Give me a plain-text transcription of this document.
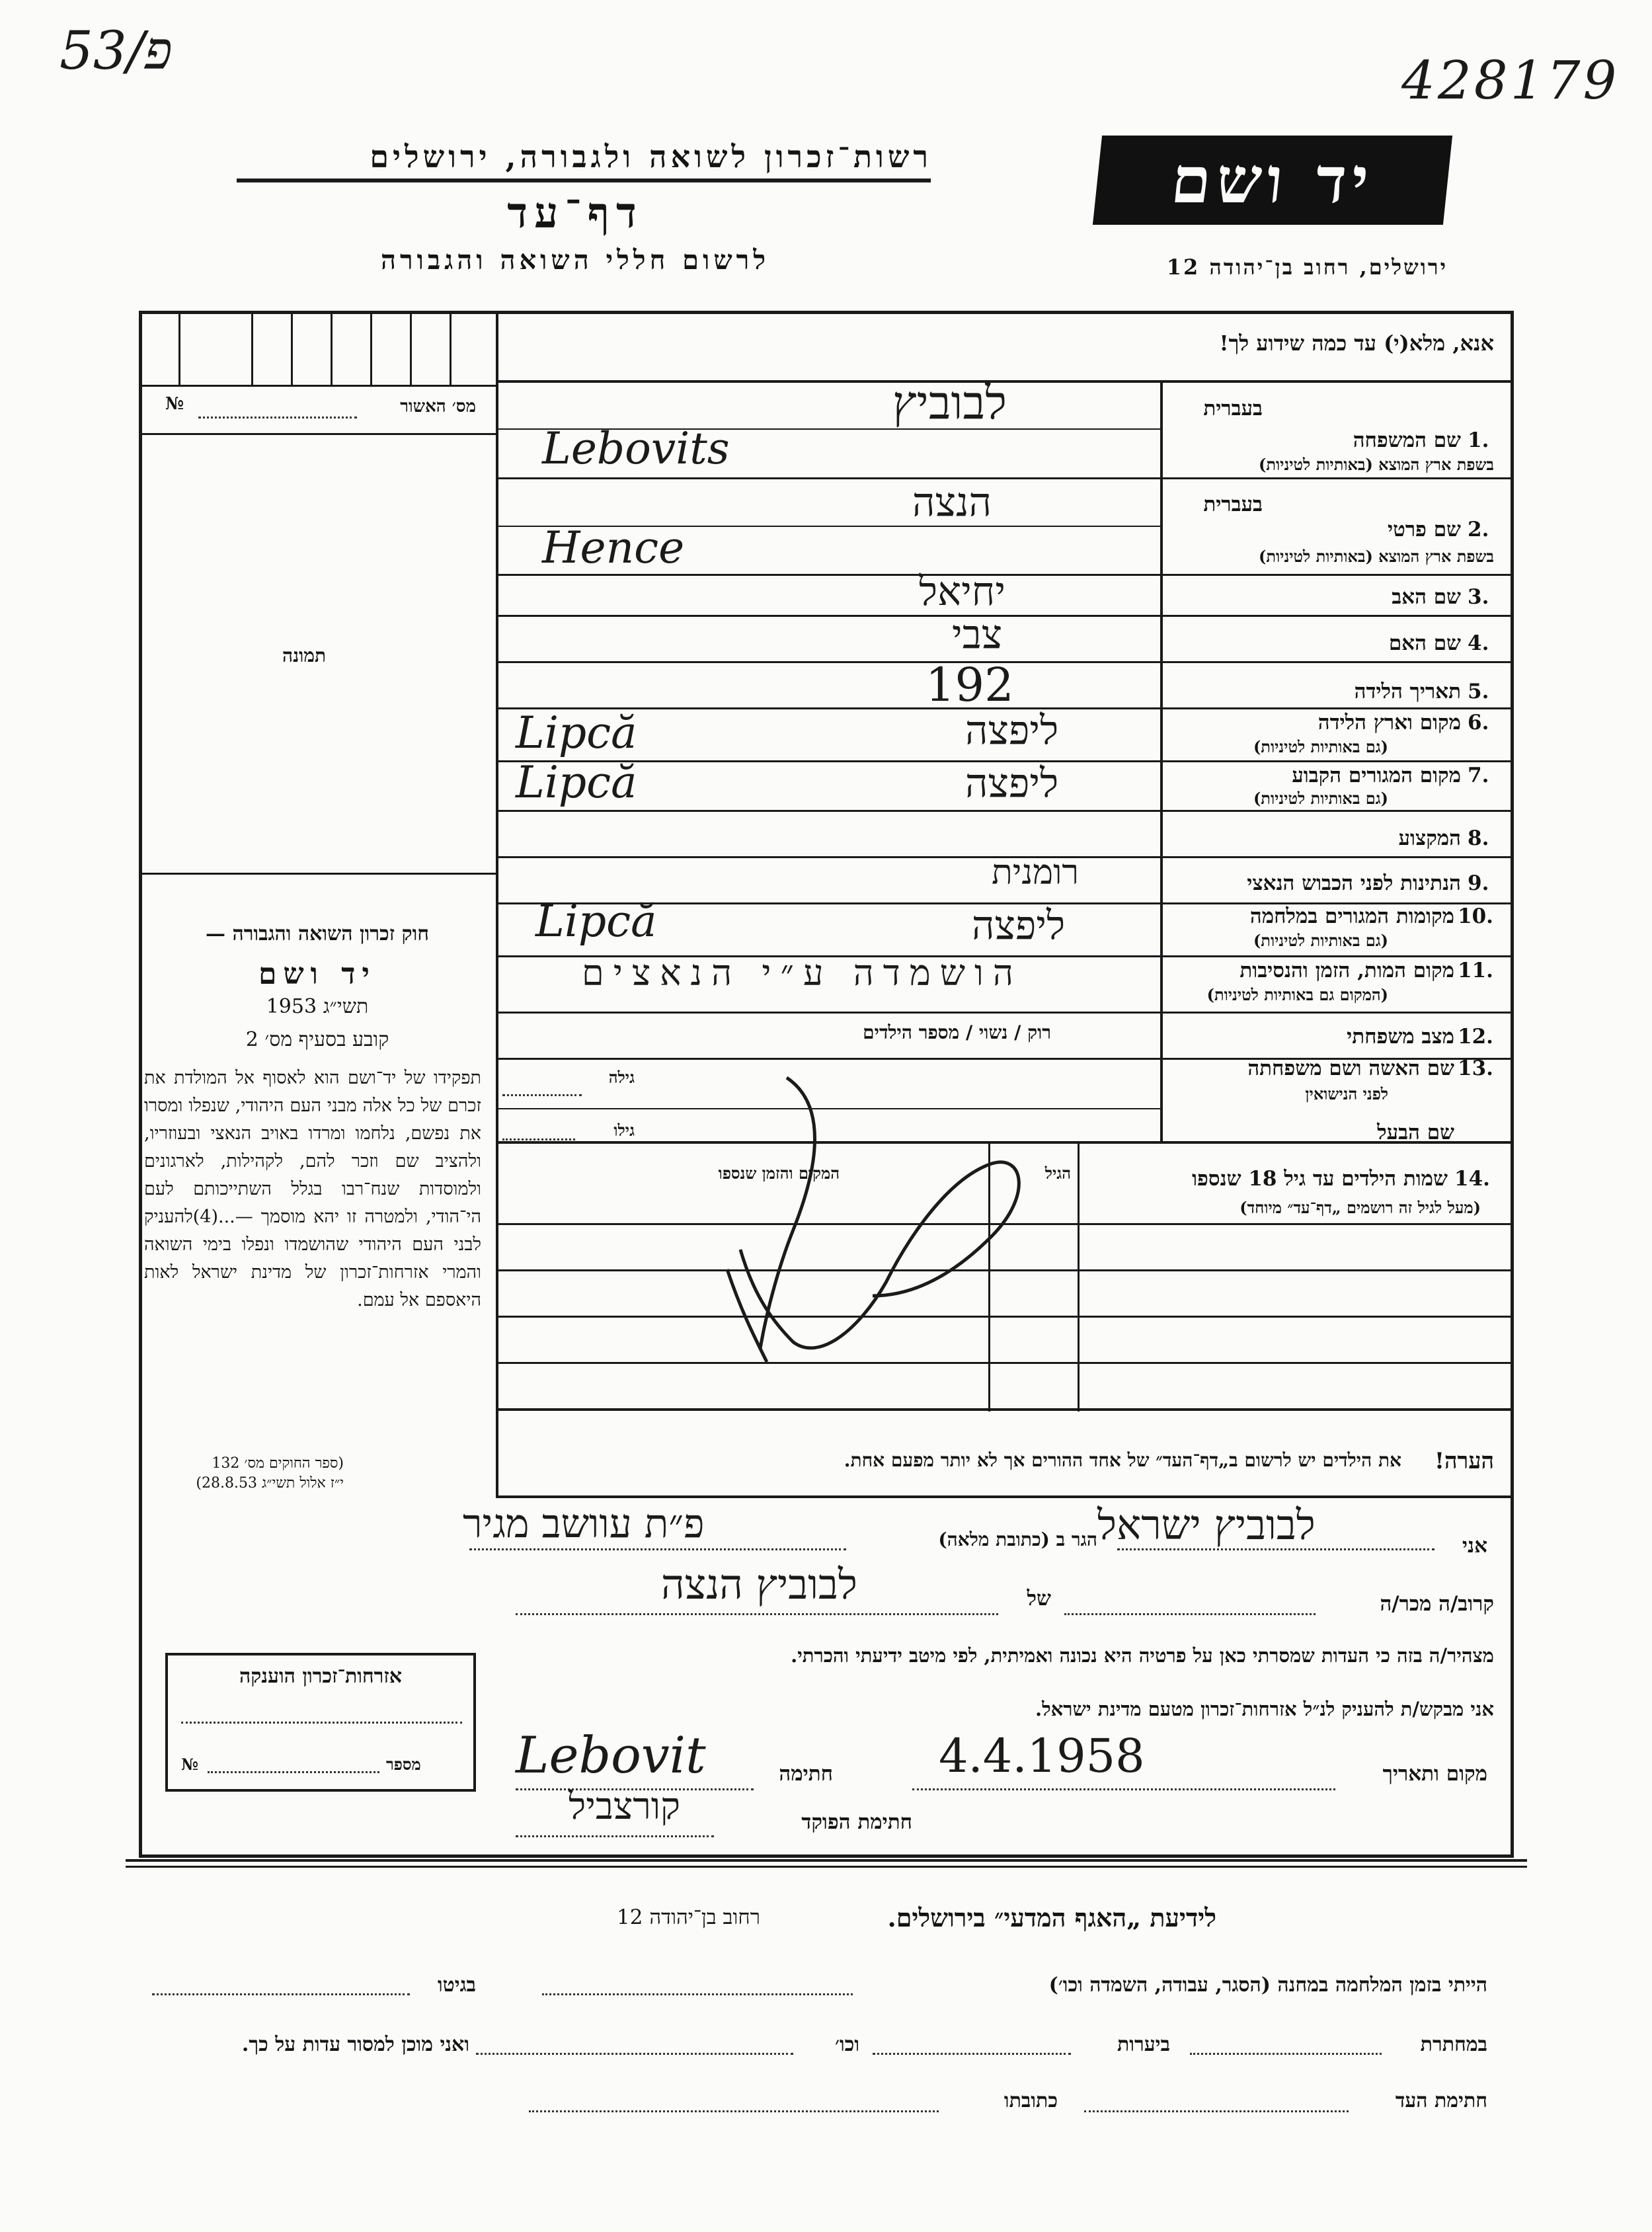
53/פ	428179
רשות־זכרון לשואה ולגבורה, ירושלים
דף־עד
לרשום חללי השואה והגבורה
יד ושם
ירושלים, רחוב בן־יהודה 12
מס׳ האשור
№
תמונה
אנא, מלא(י) עד כמה שידוע לך!
בעברית
1.
שם המשפחה
בשפת ארץ המוצא (באותיות לטיניות)
לבוביץ
Lebovits
בעברית
2.
שם פרטי
בשפת ארץ המוצא (באותיות לטיניות)
הנצה
Hence
3.
שם האב
יחיאל
4.
שם האם
צבי
5.
תאריך הלידה
192
6.
מקום וארץ הלידה
(גם באותיות לטיניות)
ליפצה
Lipcă
7.
מקום המגורים הקבוע
(גם באותיות לטיניות)
ליפצה
Lipcă
8.
המקצוע
9.
הנתינות לפני הכבוש הנאצי
רומנית
10.
מקומות המגורים במלחמה
(גם באותיות לטיניות)
ליפצה
Lipcă
11.
מקום המות, הזמן והנסיבות
(המקום גם באותיות לטיניות)
הושמדה ע״י הנאצים
12.
מצב משפחתי
רוק / נשוי / מספר הילדים
13.
שם האשה ושם משפחתה
לפני הנישואין
גילה
גילו	שם הבעל
14.
שמות הילדים עד גיל 18 שנספו
(מעל לגיל זה רושמים „דף־עד״ מיוחד)
הגיל
המקום והזמן שנספו
הערה!
את הילדים יש לרשום ב„דף־העד״ של אחד ההורים אך לא יותר מפעם אחת.
חוק זכרון השואה והגבורה —
יד ושם
תשי״ג 1953
קובע בסעיף מס׳ 2
תפקידו של יד־ושם הוא לאסוף אל המולדת את זכרם של כל אלה מבני העם היהודי, שנפלו ומסרו את נפשם, נלחמו ומרדו באויב הנאצי ובעוזריו, ולהציב שם וזכר להם, לקהילות, לארגונים ולמוסדות שנח־רבו בגלל השתייכותם לעם הי־הודי, ולמטרה זו יהא מוסמך —...(4)להעניק לבני העם היהודי שהושמדו ונפלו בימי השואה והמרי אזרחות־זכרון של מדינת ישראל לאות היאספם אל עמם.
(ספר החוקים מס׳ 132
י״ז אלול תשי״ג 28.8.53)
אני
לבוביץ ישראל
הגר ב (כתובת מלאה)
פ״ת עוושב מגיר
קרוב/ה מכר/ה
של
לבוביץ הנצה
מצהיר/ה בזה כי העדות שמסרתי כאן על פרטיה היא נכונה ואמיתית, לפי מיטב ידיעתי והכרתי.
אני מבקש/ת להעניק לנ״ל אזרחות־זכרון מטעם מדינת ישראל.
מקום ותאריך
4.4.1958
חתימה
Lebovit
חתימת הפוקד
קורצביל
אזרחות־זכרון הוענקה
מספר
№
לידיעת „האגף המדעי״ בירושלים.
רחוב בן־יהודה 12
הייתי בזמן המלחמה במחנה (הסגר, עבודה, השמדה וכו׳)
בגיטו
במחתרת
ביערות
וכו׳
ואני מוכן למסור עדות על כך.
חתימת העד
כתובתו
